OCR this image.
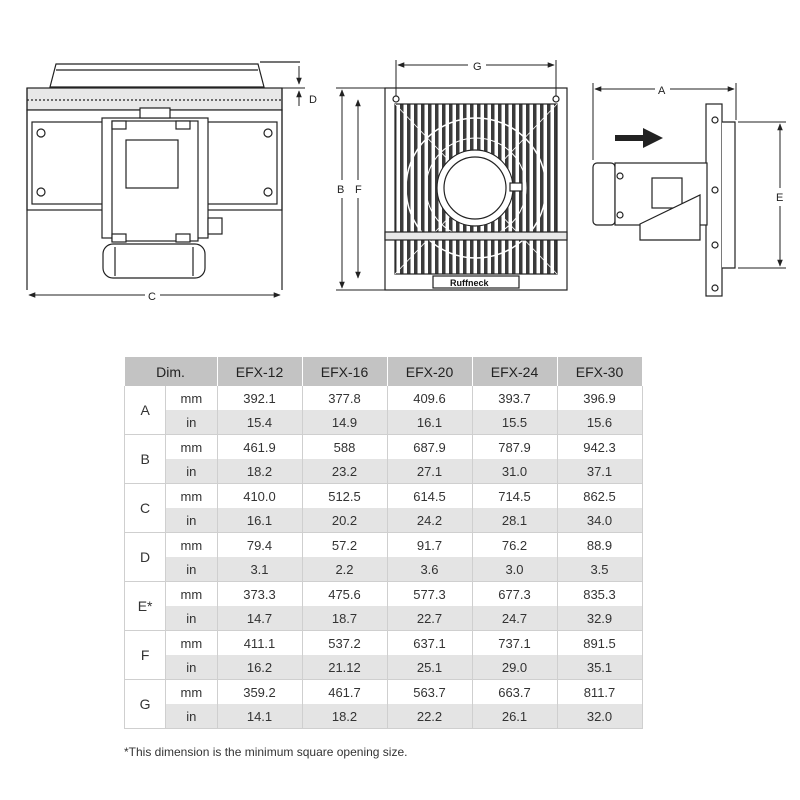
D
C
Ruffneck
G
B F
A
E
Dim.		EFX-12	EFX-16	EFX-20	EFX-24	EFX-30
A	mm	392.1	377.8	409.6	393.7	396.9
	in	15.4	14.9	16.1	15.5	15.6
B	mm	461.9	588	687.9	787.9	942.3
	in	18.2	23.2	27.1	31.0	37.1
C	mm	410.0	512.5	614.5	714.5	862.5
	in	16.1	20.2	24.2	28.1	34.0
D	mm	79.4	57.2	91.7	76.2	88.9
	in	3.1	2.2	3.6	3.0	3.5
E*	mm	373.3	475.6	577.3	677.3	835.3
	in	14.7	18.7	22.7	24.7	32.9
F	mm	411.1	537.2	637.1	737.1	891.5
	in	16.2	21.12	25.1	29.0	35.1
G	mm	359.2	461.7	563.7	663.7	811.7
	in	14.1	18.2	22.2	26.1	32.0
*This dimension is the minimum square opening size.
